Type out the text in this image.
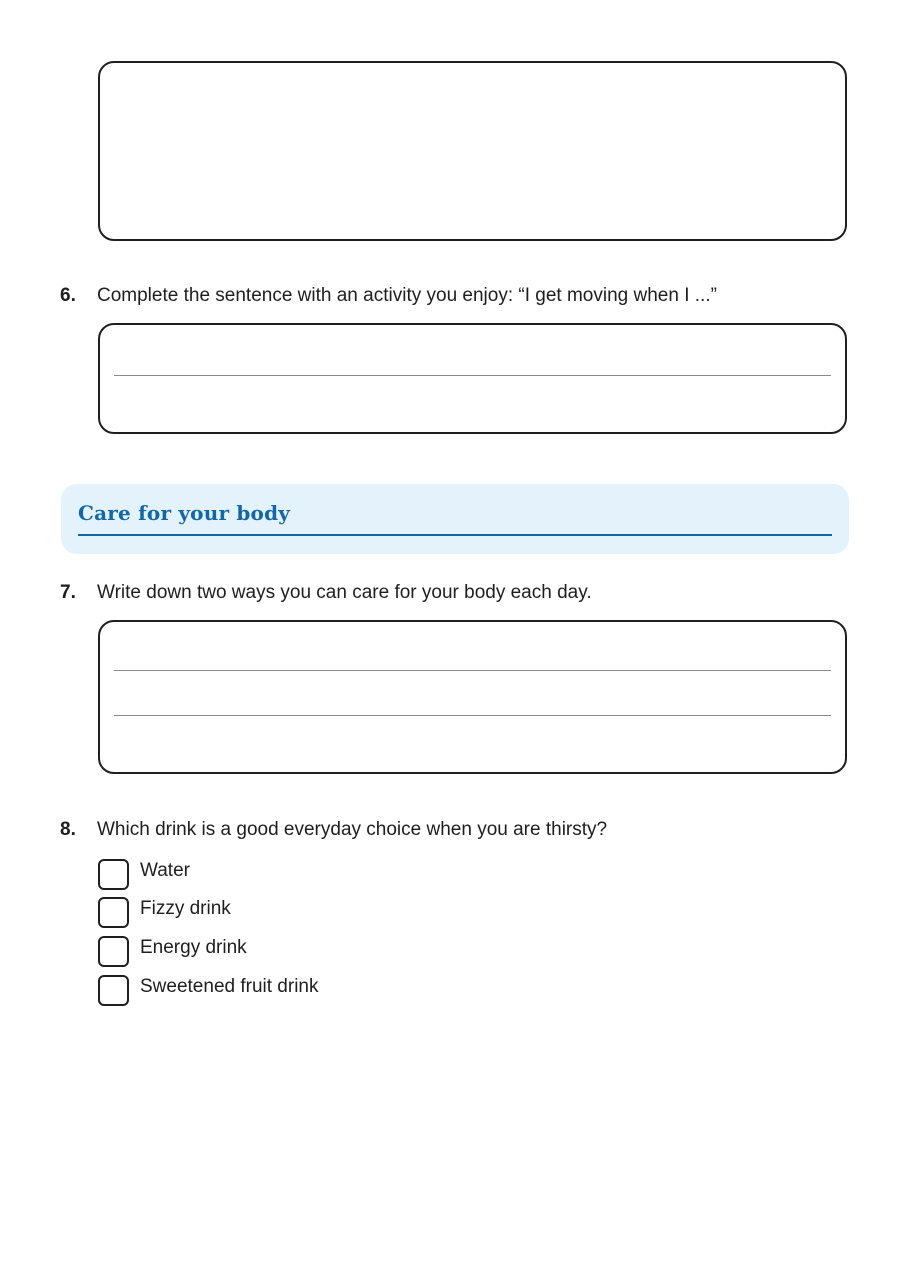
6. Complete the sentence with an activity you enjoy: “I get moving when I ...”
Care for your body
7. Write down two ways you can care for your body each day.
8. Which drink is a good everyday choice when you are thirsty?
Water
Fizzy drink
Energy drink
Sweetened fruit drink
